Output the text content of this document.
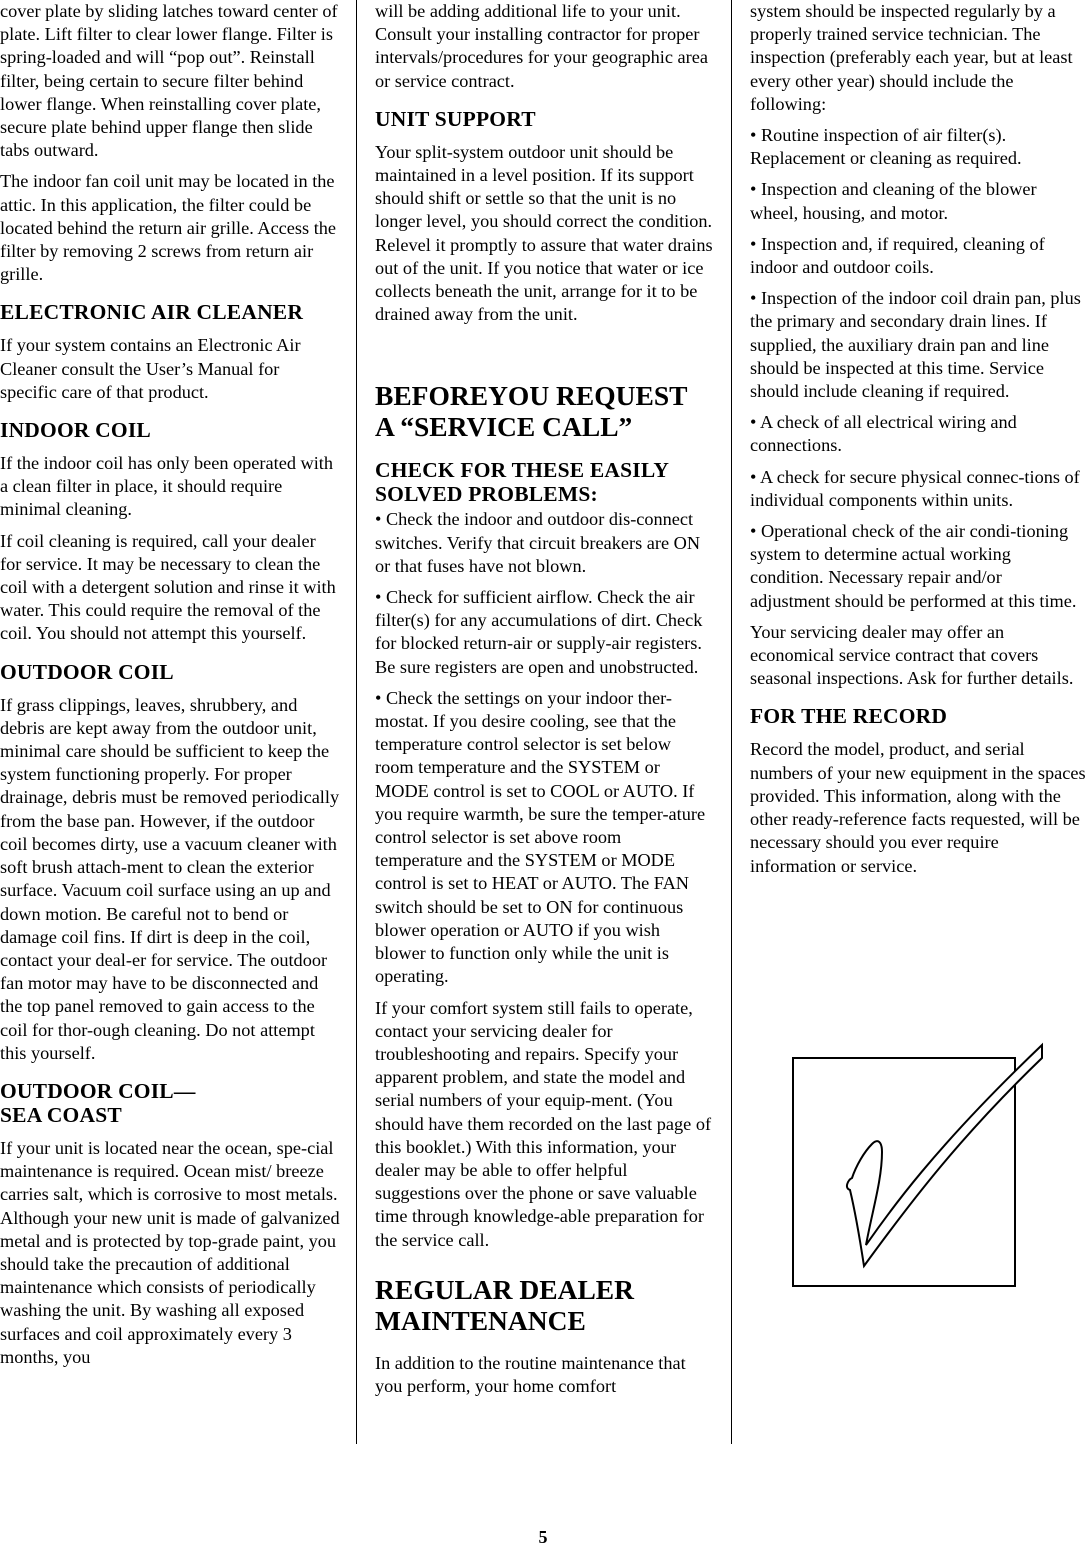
cover plate by sliding latches toward center of plate. Lift filter to clear lower flange. Filter is spring-loaded and will “pop out”. Reinstall filter, being certain to secure filter behind lower flange. When reinstalling cover plate, secure plate behind upper flange then slide tabs outward.

The indoor fan coil unit may be located in the attic. In this application, the filter could be located behind the return air grille. Access the filter by removing 2 screws from return air grille.

ELECTRONIC AIR CLEANER

If your system contains an Electronic Air Cleaner consult the User’s Manual for specific care of that product.

INDOOR COIL

If the indoor coil has only been operated with a clean filter in place, it should require minimal cleaning.

If coil cleaning is required, call your dealer for service. It may be necessary to clean the coil with a detergent solution and rinse it with water. This could require the removal of the coil. You should not attempt this yourself.

OUTDOOR COIL

If grass clippings, leaves, shrubbery, and debris are kept away from the outdoor unit, minimal care should be sufficient to keep the system functioning properly. For proper drainage, debris must be removed periodically from the base pan. However, if the outdoor coil becomes dirty, use a vacuum cleaner with soft brush attach-ment to clean the exterior surface. Vacuum coil surface using an up and down motion. Be careful not to bend or damage coil fins. If dirt is deep in the coil, contact your deal-er for service. The outdoor fan motor may have to be disconnected and the top panel removed to gain access to the coil for thor-ough cleaning. Do not attempt this yourself.

OUTDOOR COIL—
SEA COAST

If your unit is located near the ocean, spe-cial maintenance is required. Ocean mist/ breeze carries salt, which is corrosive to most metals. Although your new unit is made of galvanized metal and is protected by top-grade paint, you should take the precaution of additional maintenance which consists of periodically washing the unit. By washing all exposed surfaces and coil approximately every 3 months, you

will be adding additional life to your unit. Consult your installing contractor for proper intervals/procedures for your geographic area or service contract.

UNIT SUPPORT

Your split-system outdoor unit should be maintained in a level position. If its support should shift or settle so that the unit is no longer level, you should correct the condition. Relevel it promptly to assure that water drains out of the unit. If you notice that water or ice collects beneath the unit, arrange for it to be drained away from the unit.

BEFOREYOU REQUEST
A “SERVICE CALL”
CHECK FOR THESE EASILY SOLVED PROBLEMS:

• Check the indoor and outdoor dis-connect switches. Verify that circuit breakers are ON or that fuses have not blown.

• Check for sufficient airflow. Check the air filter(s) for any accumulations of dirt. Check for blocked return-air or supply-air registers. Be sure registers are open and unobstructed.

• Check the settings on your indoor ther-mostat. If you desire cooling, see that the temperature control selector is set below room temperature and the SYSTEM or MODE control is set to COOL or AUTO. If you require warmth, be sure the temper-ature control selector is set above room temperature and the SYSTEM or MODE control is set to HEAT or AUTO. The FAN switch should be set to ON for continuous blower operation or AUTO if you wish blower to function only while the unit is operating.

If your comfort system still fails to operate, contact your servicing dealer for troubleshooting and repairs. Specify your apparent problem, and state the model and serial numbers of your equip-ment. (You should have them recorded on the last page of this booklet.) With this information, your dealer may be able to offer helpful suggestions over the phone or save valuable time through knowledge-able preparation for the service call.

REGULAR DEALER
MAINTENANCE

In addition to the routine maintenance that you perform, your home comfort

system should be inspected regularly by a properly trained service technician. The inspection (preferably each year, but at least every other year) should include the following:

• Routine inspection of air filter(s). Replacement or cleaning as required.

• Inspection and cleaning of the blower wheel, housing, and motor.

• Inspection and, if required, cleaning of indoor and outdoor coils.

• Inspection of the indoor coil drain pan, plus the primary and secondary drain lines. If supplied, the auxiliary drain pan and line should be inspected at this time. Service should include cleaning if required.

• A check of all electrical wiring and connections.

• A check for secure physical connec-tions of individual components within units.

• Operational check of the air condi-tioning system to determine actual working condition. Necessary repair and/or adjustment should be performed at this time.

Your servicing dealer may offer an economical service contract that covers seasonal inspections. Ask for further details.

FOR THE RECORD

Record the model, product, and serial numbers of your new equipment in the spaces provided. This information, along with the other ready-reference facts requested, will be necessary should you ever require information or service.

5
